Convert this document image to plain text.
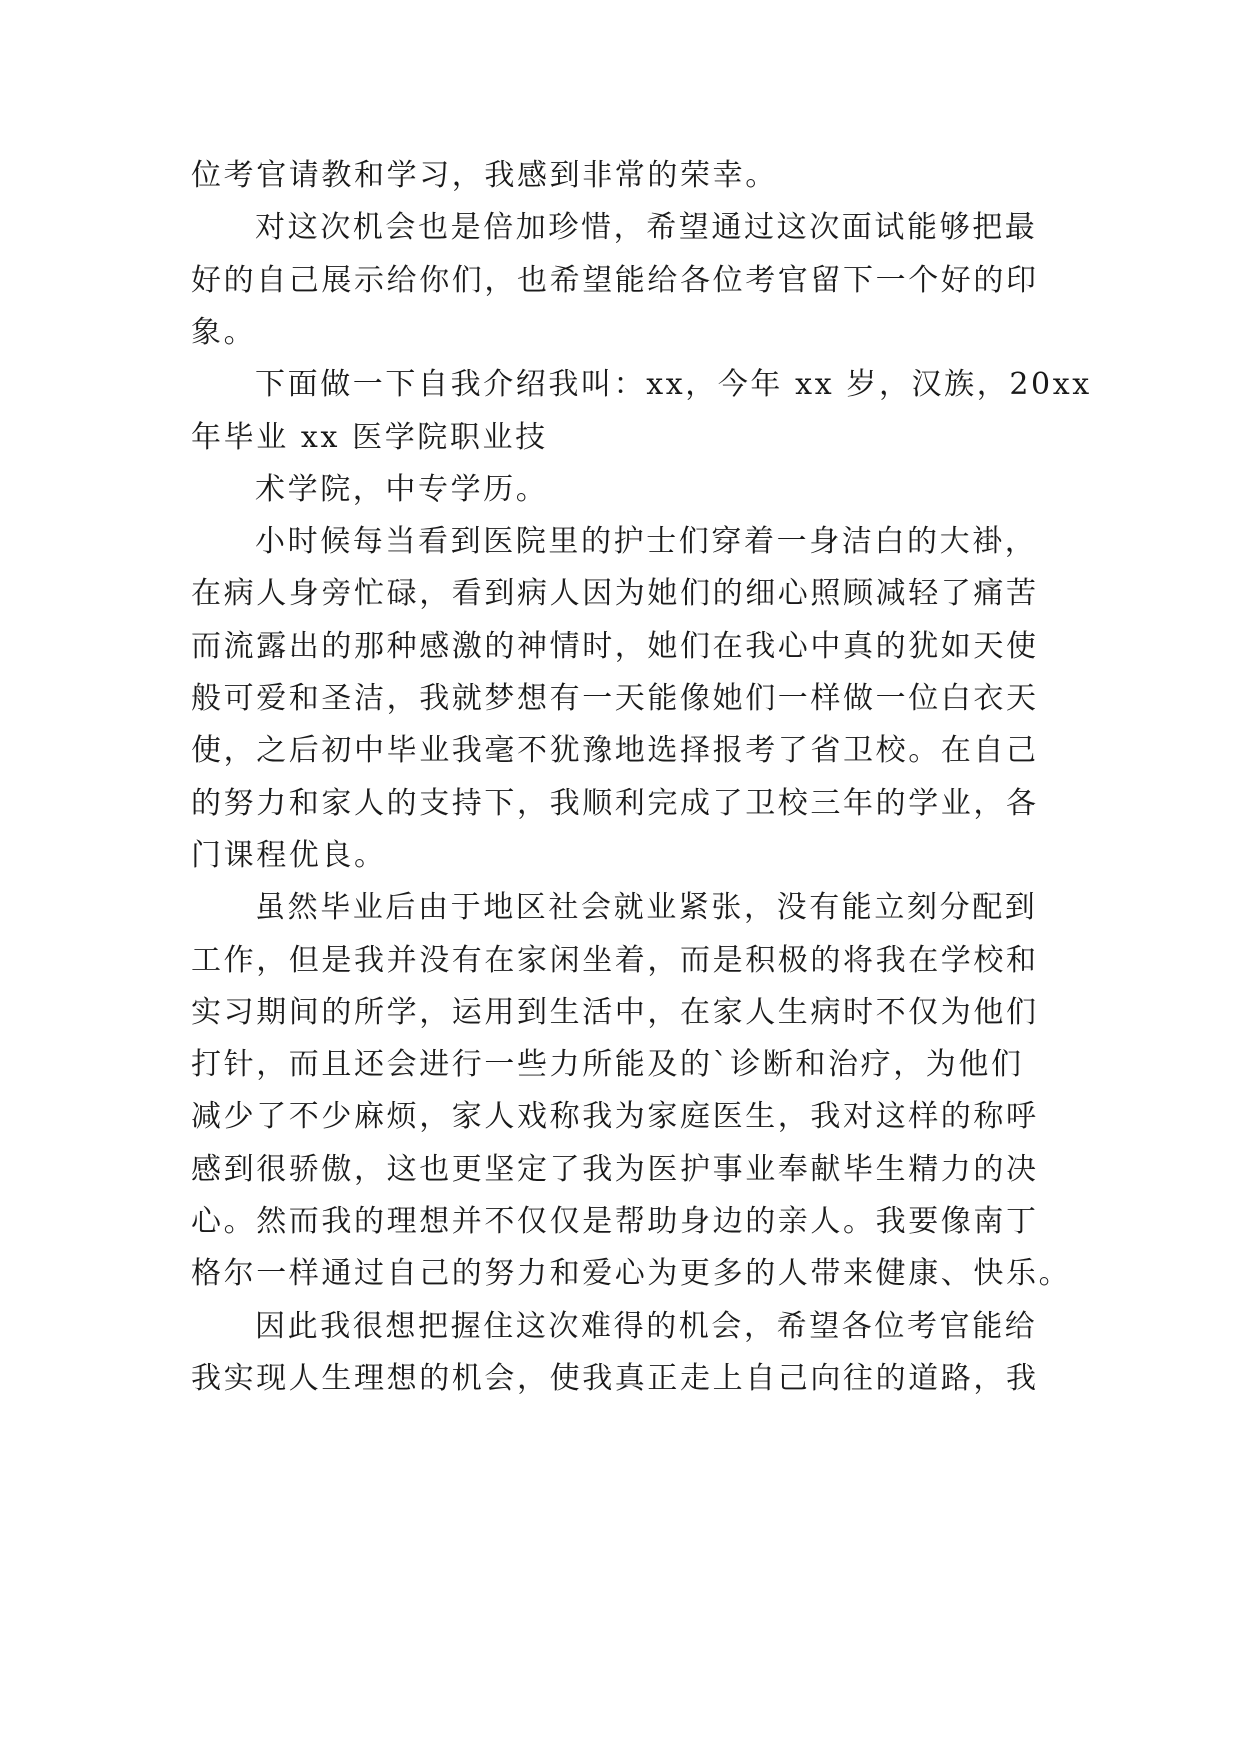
位考官请教和学习，我感到非常的荣幸。
对这次机会也是倍加珍惜，希望通过这次面试能够把最
好的自己展示给你们，也希望能给各位考官留下一个好的印
象。
下面做一下自我介绍我叫：xx，今年 xx 岁，汉族，20xx
年毕业 xx 医学院职业技
术学院，中专学历。
小时候每当看到医院里的护士们穿着一身洁白的大褂，
在病人身旁忙碌，看到病人因为她们的细心照顾减轻了痛苦
而流露出的那种感激的神情时，她们在我心中真的犹如天使
般可爱和圣洁，我就梦想有一天能像她们一样做一位白衣天
使，之后初中毕业我毫不犹豫地选择报考了省卫校。在自己
的努力和家人的支持下，我顺利完成了卫校三年的学业，各
门课程优良。
虽然毕业后由于地区社会就业紧张，没有能立刻分配到
工作，但是我并没有在家闲坐着，而是积极的将我在学校和
实习期间的所学，运用到生活中，在家人生病时不仅为他们
打针，而且还会进行一些力所能及的`诊断和治疗，为他们
减少了不少麻烦，家人戏称我为家庭医生，我对这样的称呼
感到很骄傲，这也更坚定了我为医护事业奉献毕生精力的决
心。然而我的理想并不仅仅是帮助身边的亲人。我要像南丁
格尔一样通过自己的努力和爱心为更多的人带来健康、快乐。
因此我很想把握住这次难得的机会，希望各位考官能给
我实现人生理想的机会，使我真正走上自己向往的道路，我
